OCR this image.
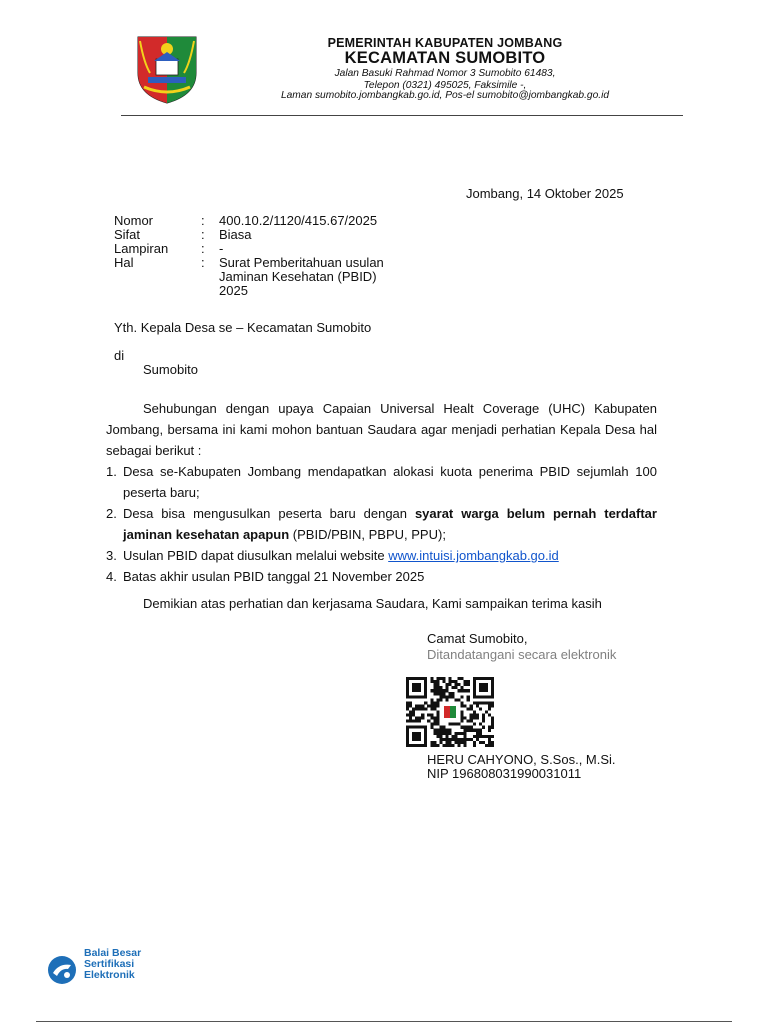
PEMERINTAH KABUPATEN JOMBANG
KECAMATAN SUMOBITO
Jalan Basuki Rahmad Nomor 3 Sumobito 61483,
Telepon (0321) 495025, Faksimile -,
Laman sumobito.jombangkab.go.id, Pos-el sumobito@jombangkab.go.id
Jombang, 14 Oktober 2025
Nomor	: 400.10.2/1120/415.67/2025
Sifat	: Biasa
Lampiran	: -
Hal	: Surat Pemberitahuan usulan
Jaminan Kesehatan (PBID)
2025
Yth. Kepala Desa se – Kecamatan Sumobito
di
Sumobito
Sehubungan dengan upaya Capaian Universal Healt Coverage (UHC) Kabupaten Jombang, bersama ini kami mohon bantuan Saudara agar menjadi perhatian Kepala Desa hal sebagai berikut :
1. Desa se-Kabupaten Jombang mendapatkan alokasi kuota penerima PBID sejumlah 100 peserta baru;
2. Desa bisa mengusulkan peserta baru dengan syarat warga belum pernah terdaftar jaminan kesehatan apapun (PBID/PBIN, PBPU, PPU);
3. Usulan PBID dapat diusulkan melalui website www.intuisi.jombangkab.go.id
4. Batas akhir usulan PBID tanggal 21 November 2025
Demikian atas perhatian dan kerjasama Saudara, Kami sampaikan terima kasih
Camat Sumobito,
Ditandatangani secara elektronik
HERU CAHYONO, S.Sos., M.Si.
NIP 196808031990031011
Balai Besar
Sertifikasi
Elektronik
